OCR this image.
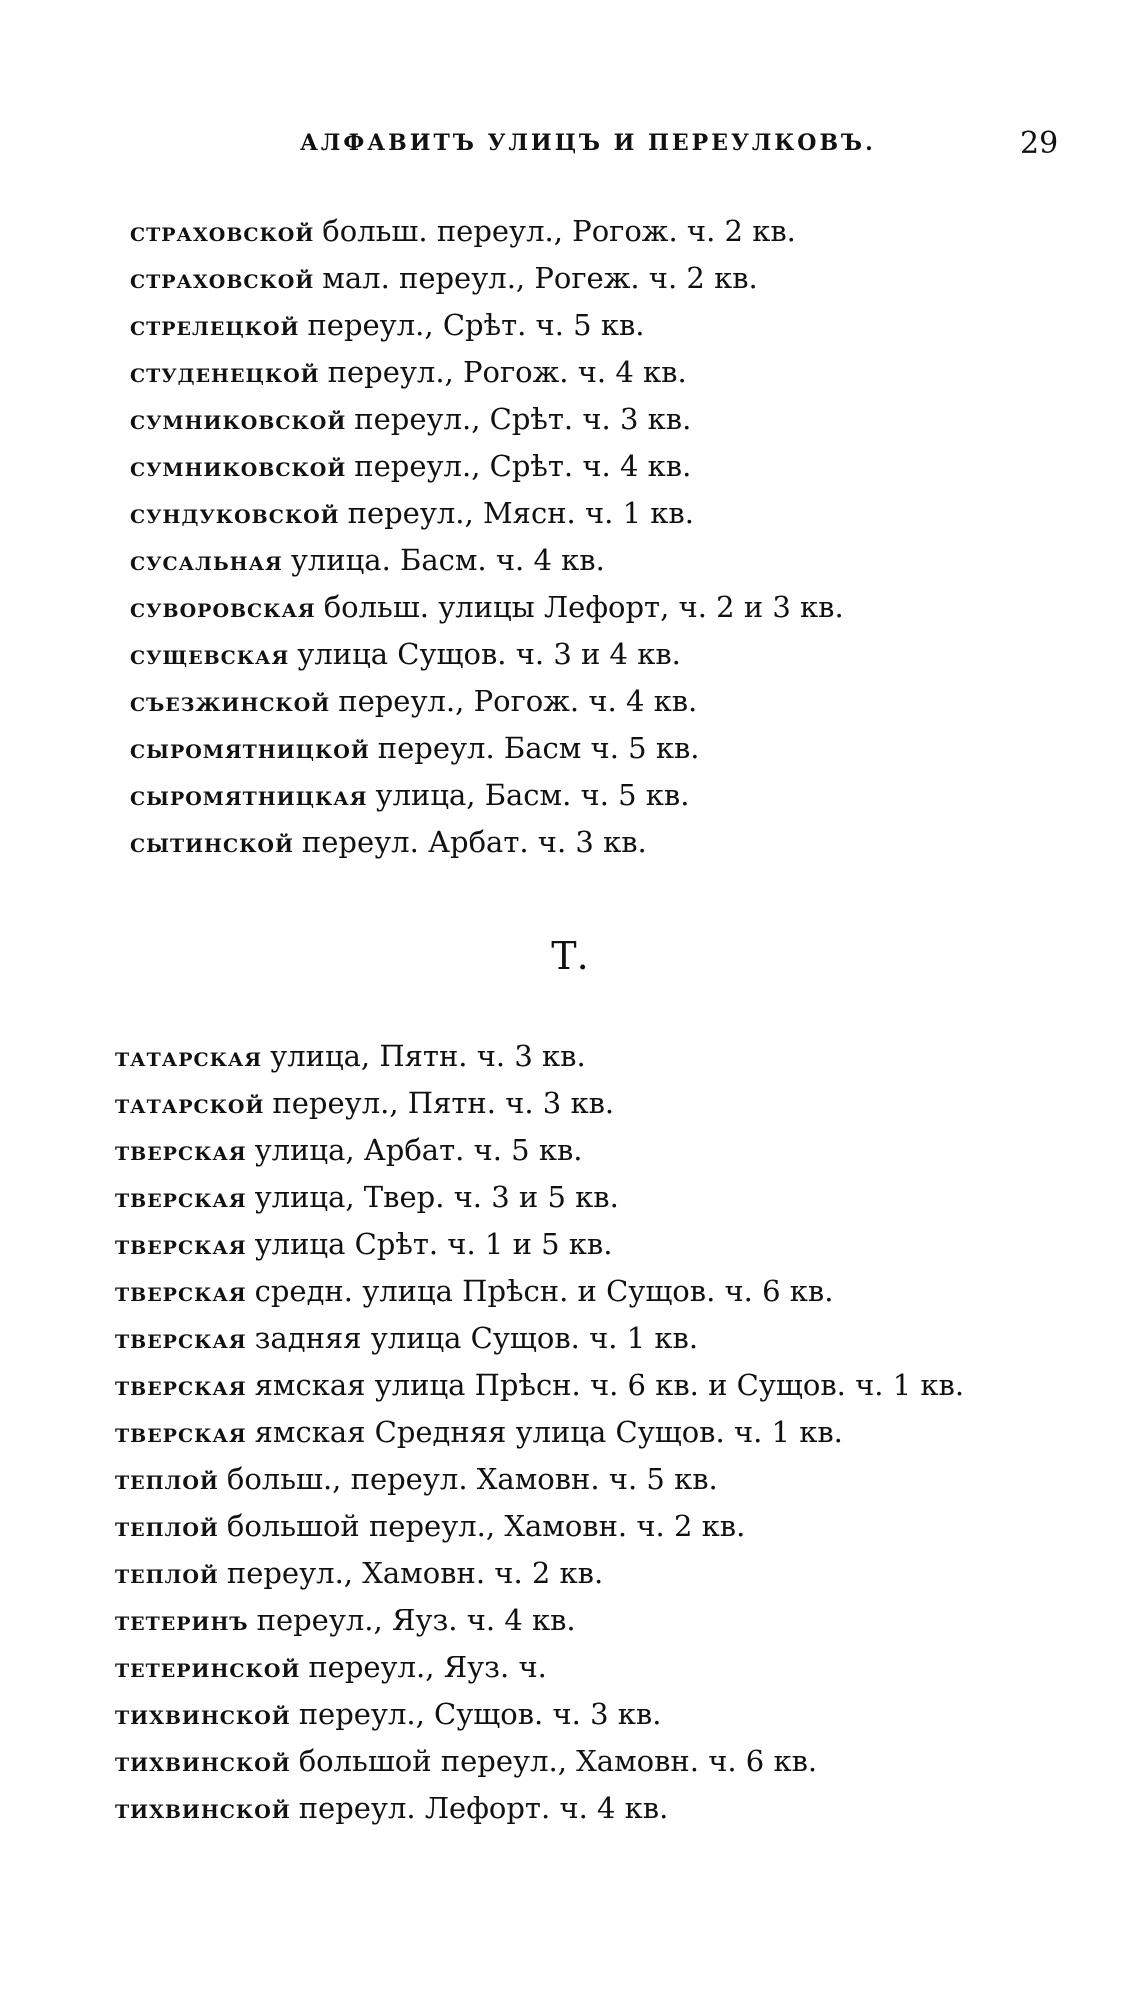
АЛФАВИТЪ УЛИЦЪ И ПЕРЕУЛКОВЪ.	29
страховской больш. переул., Рогож. ч. 2 кв.
страховской мал. переул., Рогеж. ч. 2 кв.
стрелецкой переул., Срѣт. ч. 5 кв.
студенецкой переул., Рогож. ч. 4 кв.
сумниковской переул., Срѣт. ч. 3 кв.
сумниковской переул., Срѣт. ч. 4 кв.
сундуковской переул., Мясн. ч. 1 кв.
сусальная улица. Басм. ч. 4 кв.
суворовская больш. улицы Лефорт, ч. 2 и 3 кв.
сущевская улица Сущов. ч. 3 и 4 кв.
съезжинской переул., Рогож. ч. 4 кв.
сыромятницкой переул. Басм ч. 5 кв.
сыромятницкая улица, Басм. ч. 5 кв.
сытинской переул. Арбат. ч. 3 кв.
Т.
татарская улица, Пятн. ч. 3 кв.
татарской переул., Пятн. ч. 3 кв.
тверская улица, Арбат. ч. 5 кв.
тверская улица, Твер. ч. 3 и 5 кв.
тверская улица Срѣт. ч. 1 и 5 кв.
тверская средн. улица Прѣсн. и Сущов. ч. 6 кв.
тверская задняя улица Сущов. ч. 1 кв.
тверская ямская улица Прѣсн. ч. 6 кв. и Сущов. ч. 1 кв.
тверская ямская Средняя улица Сущов. ч. 1 кв.
теплой больш., переул. Хамовн. ч. 5 кв.
теплой большой переул., Хамовн. ч. 2 кв.
теплой переул., Хамовн. ч. 2 кв.
тетеринъ переул., Яуз. ч. 4 кв.
тетеринской переул., Яуз. ч.
тихвинской переул., Сущов. ч. 3 кв.
тихвинской большой переул., Хамовн. ч. 6 кв.
тихвинской переул. Лефорт. ч. 4 кв.
